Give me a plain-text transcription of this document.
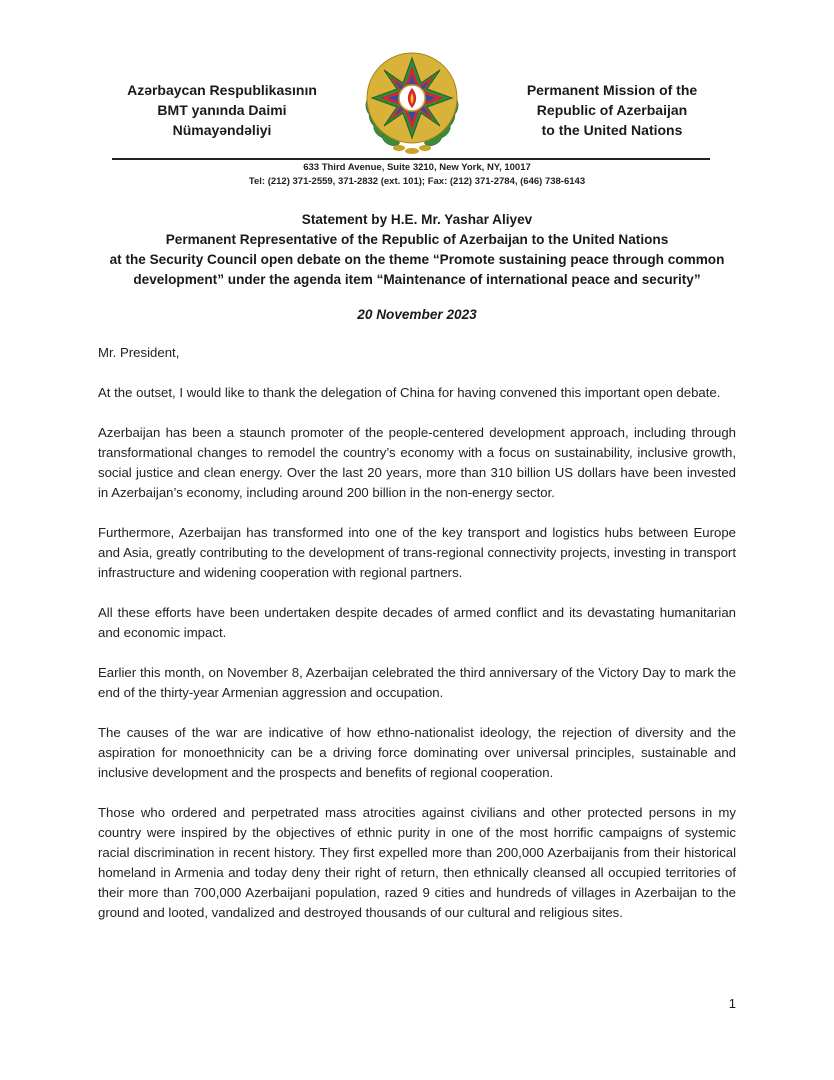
Azərbaycan Respublikasının
BMT yanında Daimi
Nümayəndəliyi
Permanent Mission of the
Republic of Azerbaijan
to the United Nations
633 Third Avenue, Suite 3210, New York, NY, 10017
Tel: (212) 371-2559, 371-2832 (ext. 101); Fax: (212) 371-2784, (646) 738-6143
Statement by H.E. Mr. Yashar Aliyev
Permanent Representative of the Republic of Azerbaijan to the United Nations
at the Security Council open debate on the theme “Promote sustaining peace through common
development” under the agenda item “Maintenance of international peace and security”
20 November 2023

Mr. President,

At the outset, I would like to thank the delegation of China for having convened this important open debate.

Azerbaijan has been a staunch promoter of the people-centered development approach, including through transformational changes to remodel the country’s economy with a focus on sustainability, inclusive growth, social justice and clean energy. Over the last 20 years, more than 310 billion US dollars have been invested in Azerbaijan’s economy, including around 200 billion in the non-energy sector.

Furthermore, Azerbaijan has transformed into one of the key transport and logistics hubs between Europe and Asia, greatly contributing to the development of trans-regional connectivity projects, investing in transport infrastructure and widening cooperation with regional partners.

All these efforts have been undertaken despite decades of armed conflict and its devastating humanitarian and economic impact.

Earlier this month, on November 8, Azerbaijan celebrated the third anniversary of the Victory Day to mark the end of the thirty-year Armenian aggression and occupation.

The causes of the war are indicative of how ethno-nationalist ideology, the rejection of diversity and the aspiration for monoethnicity can be a driving force dominating over universal principles, sustainable and inclusive development and the prospects and benefits of regional cooperation.

Those who ordered and perpetrated mass atrocities against civilians and other protected persons in my country were inspired by the objectives of ethnic purity in one of the most horrific campaigns of systemic racial discrimination in recent history. They first expelled more than 200,000 Azerbaijanis from their historical homeland in Armenia and today deny their right of return, then ethnically cleansed all occupied territories of their more than 700,000 Azerbaijani population, razed 9 cities and hundreds of villages in Azerbaijan to the ground and looted, vandalized and destroyed thousands of our cultural and religious sites.

1
